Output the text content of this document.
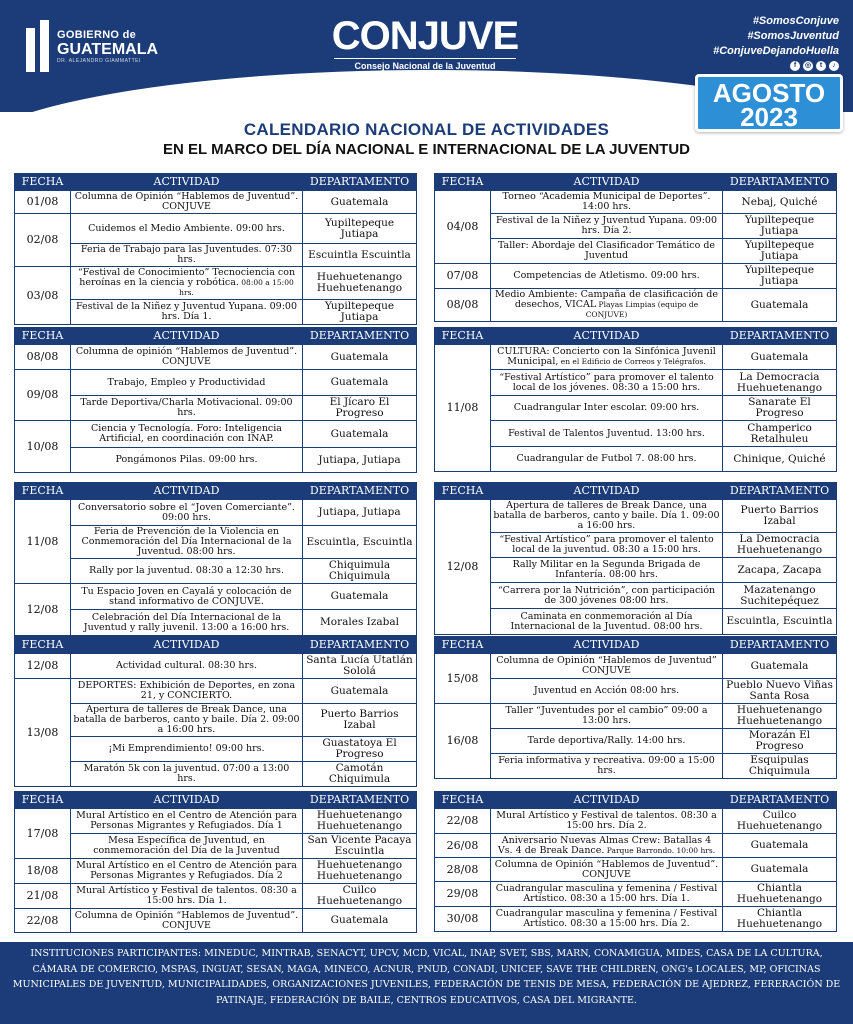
GOBIERNO de
GUATEMALA
DR. ALEJANDRO GIAMMATTEI
CONJUVE
Consejo Nacional de la Juventud
Presidencia de la República
#SomosConjuve
#SomosJuventud
#ConjuveDejandoHuella
f	◎	t	♪
AGOSTO
2023
CALENDARIO NACIONAL DE ACTIVIDADES
EN EL MARCO DEL DÍA NACIONAL E INTERNACIONAL DE LA JUVENTUD
FECHA	ACTIVIDAD	DEPARTAMENTO
01/08	Columna de Opinión “Hablemos de Juventud”. CONJUVE	Guatemala
02/08	Cuidemos el Medio Ambiente. 09:00 hrs.	Yupiltepeque Jutiapa
	Feria de Trabajo para las Juventudes. 07:30 hrs.	Escuintla Escuintla
03/08	“Festival de Conocimiento” Tecnociencia con heroínas en la ciencia y robótica. 08:00 a 15:00 hrs.	Huehuetenango Huehuetenango
	Festival de la Niñez y Juventud Yupana. 09:00 hrs. Día 1.	Yupiltepeque Jutiapa
FECHA	ACTIVIDAD	DEPARTAMENTO
04/08	Torneo “Academia Municipal de Deportes”. 14:00 hrs.	Nebaj, Quiché
	Festival de la Niñez y Juventud Yupana. 09:00 hrs. Día 2.	Yupiltepeque Jutiapa
	Taller: Abordaje del Clasificador Temático de Juventud	Yupiltepeque Jutiapa
07/08	Competencias de Atletismo. 09:00 hrs.	Yupiltepeque Jutiapa
08/08	Medio Ambiente: Campaña de clasificación de desechos, VICAL Playas Limpias (equipo de CONJUVE)	Guatemala
FECHA	ACTIVIDAD	DEPARTAMENTO
08/08	Columna de opinión “Hablemos de Juventud”. CONJUVE	Guatemala
09/08	Trabajo, Empleo y Productividad	Guatemala
	Tarde Deportiva/Charla Motivacional. 09:00 hrs.	El Jícaro El Progreso
10/08	Ciencia y Tecnología. Foro: Inteligencia Artificial, en coordinación con INAP.	Guatemala
	Pongámonos Pilas. 09:00 hrs.	Jutiapa, Jutiapa
FECHA	ACTIVIDAD	DEPARTAMENTO
11/08	CULTURA: Concierto con la Sinfónica Juvenil Municipal, en el Edificio de Correos y Telégrafos.	Guatemala
	“Festival Artístico” para promover el talento local de los jóvenes. 08:30 a 15:00 hrs.	La Democracia Huehuetenango
	Cuadrangular Inter escolar. 09:00 hrs.	Sanarate El Progreso
	Festival de Talentos Juventud. 13:00 hrs.	Champerico Retalhuleu
	Cuadrangular de Futbol 7. 08:00 hrs.	Chinique, Quiché
FECHA	ACTIVIDAD	DEPARTAMENTO
11/08	Conversatorio sobre el “Joven Comerciante”. 09:00 hrs.	Jutiapa, Jutiapa
	Feria de Prevención de la Violencia en Conmemoración del Día Internacional de la Juventud. 08:00 hrs.	Escuintla, Escuintla
	Rally por la juventud. 08:30 a 12:30 hrs.	Chiquimula Chiquimula
12/08	Tu Espacio Joven en Cayalá y colocación de stand informativo de CONJUVE.	Guatemala
	Celebración del Día Internacional de la Juventud y rally juvenil. 13:00 a 16:00 hrs.	Morales Izabal
FECHA	ACTIVIDAD	DEPARTAMENTO
12/08	Apertura de talleres de Break Dance, una batalla de barberos, canto y baile. Día 1. 09:00 a 16:00 hrs.	Puerto Barrios Izabal
	“Festival Artístico” para promover el talento local de la juventud. 08:30 a 15:00 hrs.	La Democracia Huehuetenango
	Rally Militar en la Segunda Brigada de Infantería. 08:00 hrs.	Zacapa, Zacapa
	“Carrera por la Nutrición”, con participación de 300 jóvenes 08:00 hrs.	Mazatenango Suchitepéquez
	Caminata en conmemoración al Día Internacional de la Juventud. 08:00 hrs.	Escuintla, Escuintla
FECHA	ACTIVIDAD	DEPARTAMENTO
12/08	Actividad cultural. 08:30 hrs.	Santa Lucía Utatlán Sololá
13/08	DEPORTES: Exhibición de Deportes, en zona 21, y CONCIERTO.	Guatemala
	Apertura de talleres de Break Dance, una batalla de barberos, canto y baile. Día 2. 09:00 a 16:00 hrs.	Puerto Barrios Izabal
	¡Mi Emprendimiento! 09:00 hrs.	Guastatoya El Progreso
	Maratón 5k con la juventud. 07:00 a 13:00 hrs.	Camotán Chiquimula
FECHA	ACTIVIDAD	DEPARTAMENTO
15/08	Columna de Opinión “Hablemos de Juventud” CONJUVE	Guatemala
	Juventud en Acción 08:00 hrs.	Pueblo Nuevo Viñas Santa Rosa
16/08	Taller “Juventudes por el cambio” 09:00 a 13:00 hrs.	Huehuetenango Huehuetenango
	Tarde deportiva/Rally. 14:00 hrs.	Morazán El Progreso
	Feria informativa y recreativa. 09:00 a 15:00 hrs.	Esquipulas Chiquimula
FECHA	ACTIVIDAD	DEPARTAMENTO
17/08	Mural Artístico en el Centro de Atención para Personas Migrantes y Refugiados. Día 1	Huehuetenango Huehuetenango
	Mesa Específica de Juventud, en conmemoración del Día de la Juventud	San Vicente Pacaya Escuintla
18/08	Mural Artístico en el Centro de Atención para Personas Migrantes y Refugiados. Día 2	Huehuetenango Huehuetenango
21/08	Mural Artístico y Festival de talentos. 08:30 a 15:00 hrs. Día 1.	Cuilco Huehuetenango
22/08	Columna de Opinión “Hablemos de Juventud”. CONJUVE	Guatemala
FECHA	ACTIVIDAD	DEPARTAMENTO
22/08	Mural Artístico y Festival de talentos. 08:30 a 15:00 hrs. Día 2.	Cuilco Huehuetenango
26/08	Aniversario Nuevas Almas Crew: Batallas 4 Vs. 4 de Break Dance. Parque Barrondo. 10:00 hrs.	Guatemala
28/08	Columna de Opinión “Hablemos de Juventud”. CONJUVE	Guatemala
29/08	Cuadrangular masculina y femenina / Festival Artístico. 08:30 a 15:00 hrs. Día 1.	Chiantla Huehuetenango
30/08	Cuadrangular masculina y femenina / Festival Artístico. 08:30 a 15:00 hrs. Día 2.	Chiantla Huehuetenango
INSTITUCIONES PARTICIPANTES: MINEDUC, MINTRAB, SENACYT, UPCV, MCD, VICAL, INAP, SVET, SBS, MARN, CONAMIGUA, MIDES, CASA DE LA CULTURA, CÁMARA DE COMERCIO, MSPAS, INGUAT, SESAN, MAGA, MINECO, ACNUR, PNUD, CONADI, UNICEF, SAVE THE CHILDREN, ONG's LOCALES, MP, OFICINAS MUNICIPALES DE JUVENTUD, MUNICIPALIDADES, ORGANIZACIONES JUVENILES, FEDERACIÓN DE TENIS DE MESA, FEDERACIÓN DE AJEDREZ, FERERACIÓN DE PATINAJE, FEDERACIÓN DE BAILE, CENTROS EDUCATIVOS, CASA DEL MIGRANTE.
